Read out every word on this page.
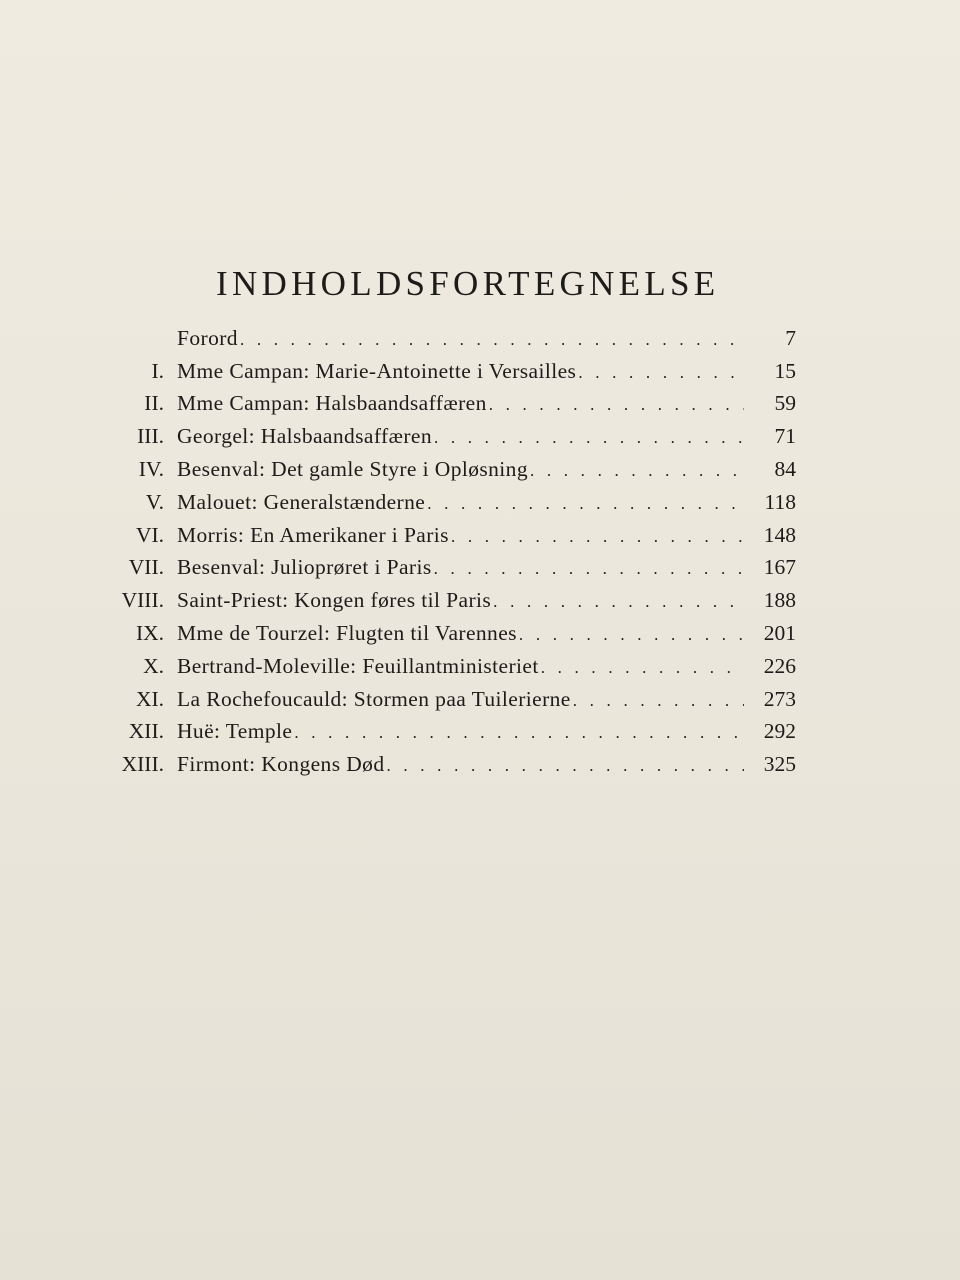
INDHOLDSFORTEGNELSE
Forord . . .	7
I. Mme Campan: Marie-Antoinette i Versailles . . .	15
II. Mme Campan: Halsbaandsaffæren . . .	59
III. Georgel: Halsbaandsaffæren . . .	71
IV. Besenval: Det gamle Styre i Opløsning . . .	84
V. Malouet: Generalstænderne . . .	118
VI. Morris: En Amerikaner i Paris . . .	148
VII. Besenval: Julioprøret i Paris . . .	167
VIII. Saint-Priest: Kongen føres til Paris . . .	188
IX. Mme de Tourzel: Flugten til Varennes . . .	201
X. Bertrand-Moleville: Feuillantministeriet . . .	226
XI. La Rochefoucauld: Stormen paa Tuilerierne . . .	273
XII. Huë: Temple . . .	292
XIII. Firmont: Kongens Død . . .	325
